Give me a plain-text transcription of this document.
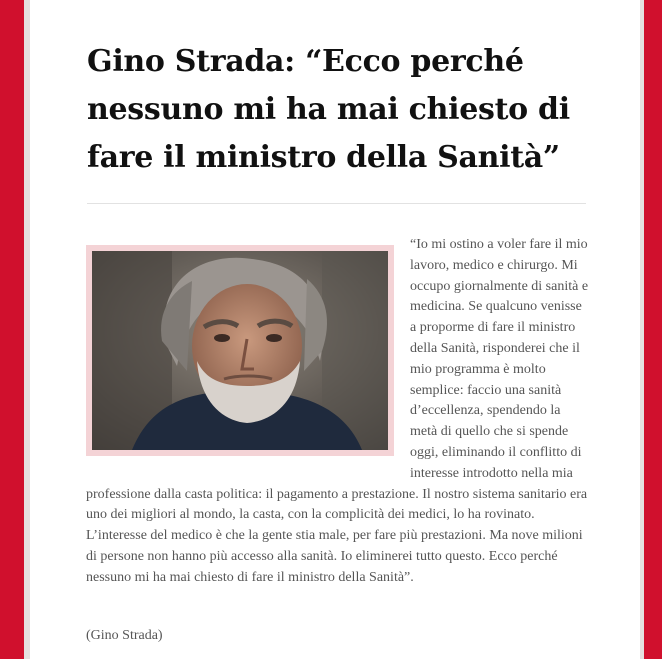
Gino Strada: “Ecco perché nessuno mi ha mai chiesto di fare il ministro della Sanità”

“Io mi ostino a voler fare il mio lavoro, medico e chirurgo. Mi occupo giornalmente di sanità e medicina. Se qualcuno venisse a proporme di fare il ministro della Sanità, risponderei che il mio programma è molto semplice: faccio una sanità d’eccellenza, spendendo la metà di quello che si spende oggi, eliminando il conflitto di interesse introdotto nella mia professione dalla casta politica: il pagamento a prestazione. Il nostro sistema sanitario era uno dei migliori al mondo, la casta, con la complicità dei medici, lo ha rovinato. L’interesse del medico è che la gente stia male, per fare più prestazioni. Ma nove milioni di persone non hanno più accesso alla sanità. Io eliminerei tutto questo. Ecco perché nessuno mi ha mai chiesto di fare il ministro della Sanità”.

(Gino Strada)
